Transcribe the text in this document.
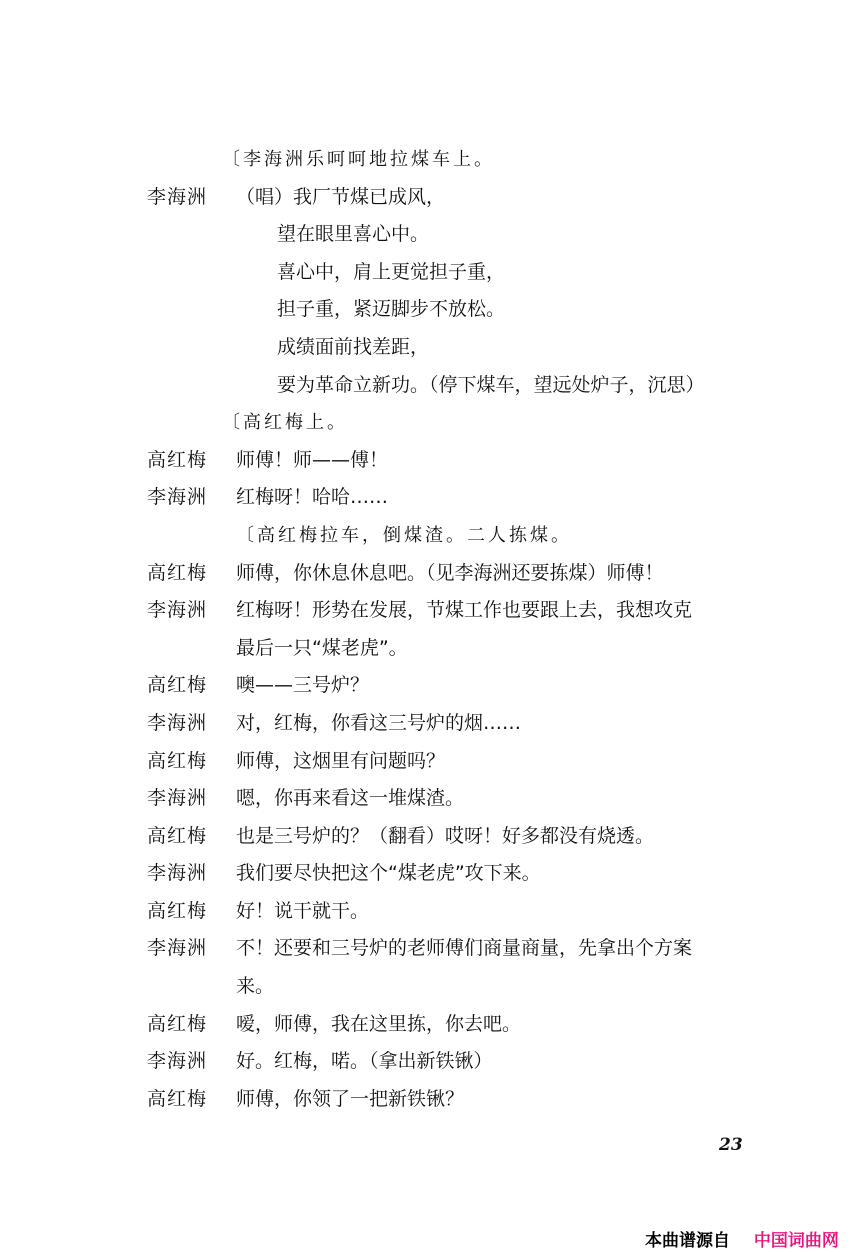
〔李海洲乐呵呵地拉煤车上。
李海洲 （唱）我厂节煤已成风，
望在眼里喜心中。
喜心中，肩上更觉担子重，
担子重，紧迈脚步不放松。
成绩面前找差距，
要为革命立新功。（停下煤车，望远处炉子，沉思）
〔高红梅上。
高红梅 师傅！师——傅！
李海洲 红梅呀！哈哈……
〔高红梅拉车，倒煤渣。二人拣煤。
高红梅 师傅，你休息休息吧。（见李海洲还要拣煤）师傅！
李海洲 红梅呀！形势在发展，节煤工作也要跟上去，我想攻克
最后一只“煤老虎”。
高红梅 噢——三号炉？
李海洲 对，红梅，你看这三号炉的烟……
高红梅 师傅，这烟里有问题吗？
李海洲 嗯，你再来看这一堆煤渣。
高红梅 也是三号炉的？（翻看）哎呀！好多都没有烧透。
李海洲 我们要尽快把这个“煤老虎”攻下来。
高红梅 好！说干就干。
李海洲 不！还要和三号炉的老师傅们商量商量，先拿出个方案
来。
高红梅 嗳，师傅，我在这里拣，你去吧。
李海洲 好。红梅，喏。（拿出新铁锹）
高红梅 师傅，你领了一把新铁锹？
23
本曲谱源自 中国词曲网
